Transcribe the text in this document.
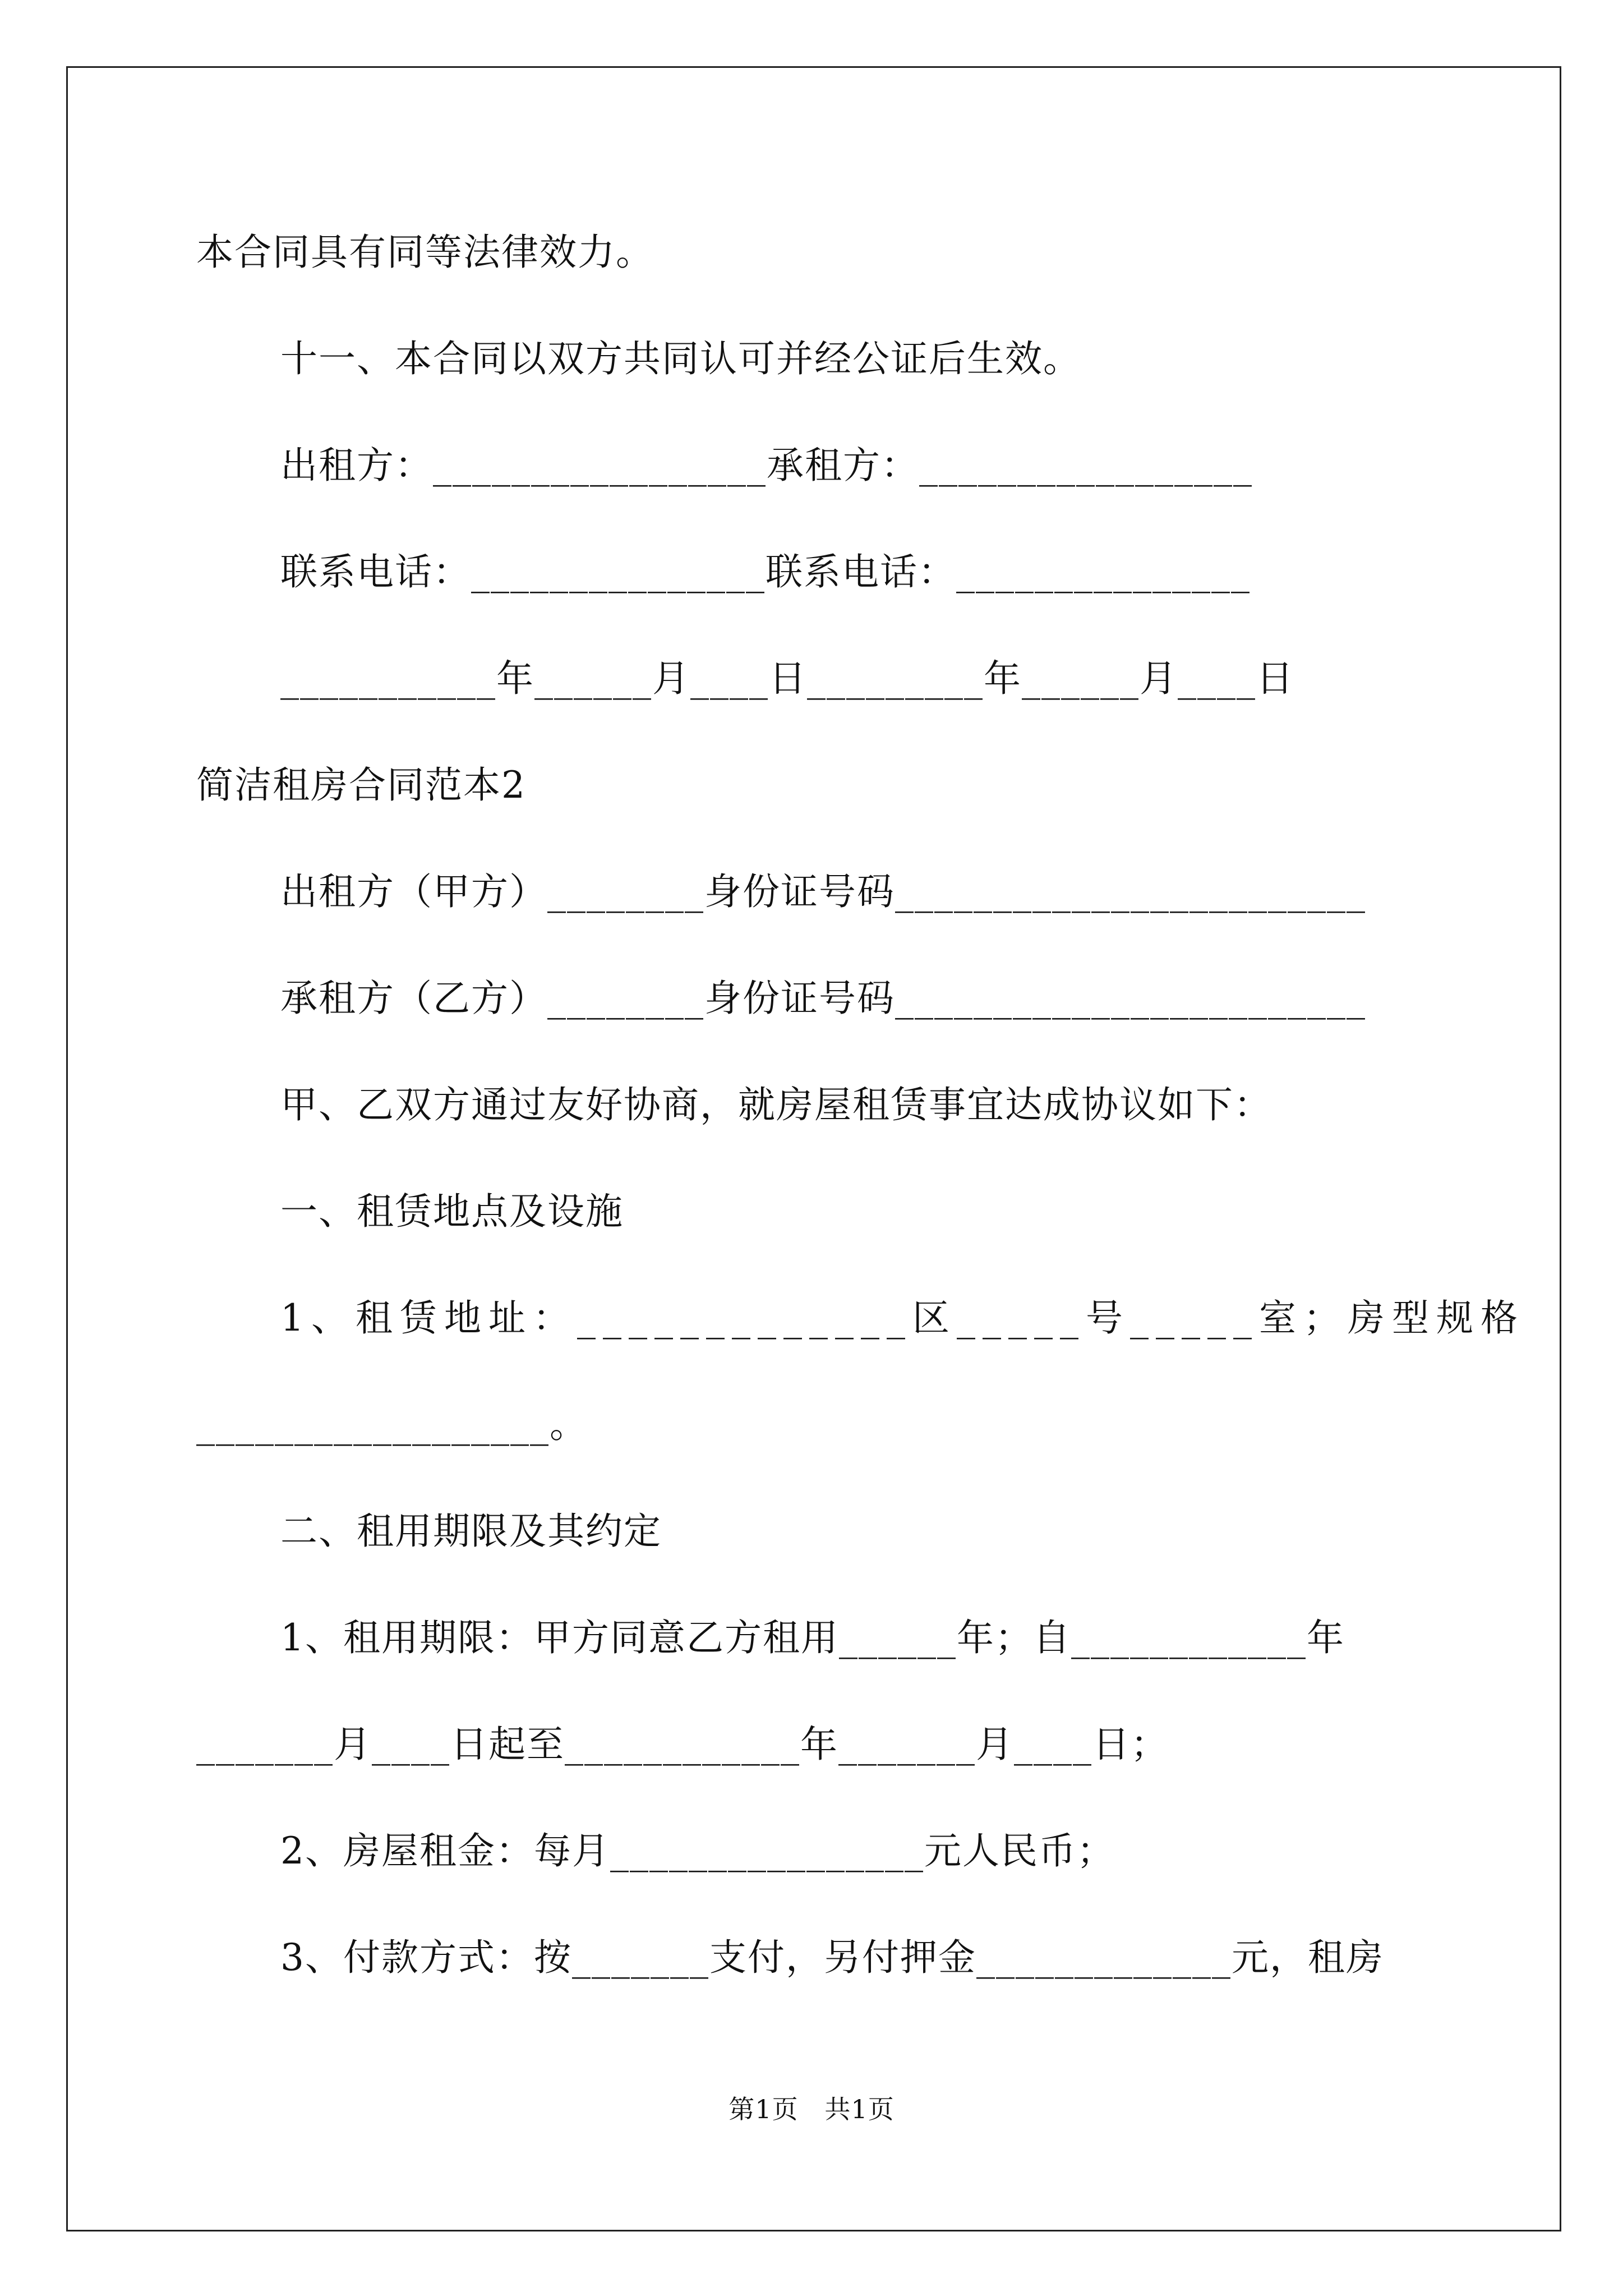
本合同具有同等法律效力。
十一、本合同以双方共同认可并经公证后生效。
出租方：_________________承租方：_________________
联系电话：_______________联系电话：_______________
___________年______月____日_________年______月____日
简洁租房合同范本2
出租方（甲方）________身份证号码________________________
承租方（乙方）________身份证号码________________________
甲、乙双方通过友好协商，就房屋租赁事宜达成协议如下：
一、租赁地点及设施
1、租赁地址：_____________区_____号_____室；房型规格
__________________。
二、租用期限及其约定
1、租用期限：甲方同意乙方租用______年；自____________年
_______月____日起至____________年_______月____日；
2、房屋租金：每月________________元人民币；
3、付款方式：按_______支付，另付押金_____________元，租房
第1页   共1页
